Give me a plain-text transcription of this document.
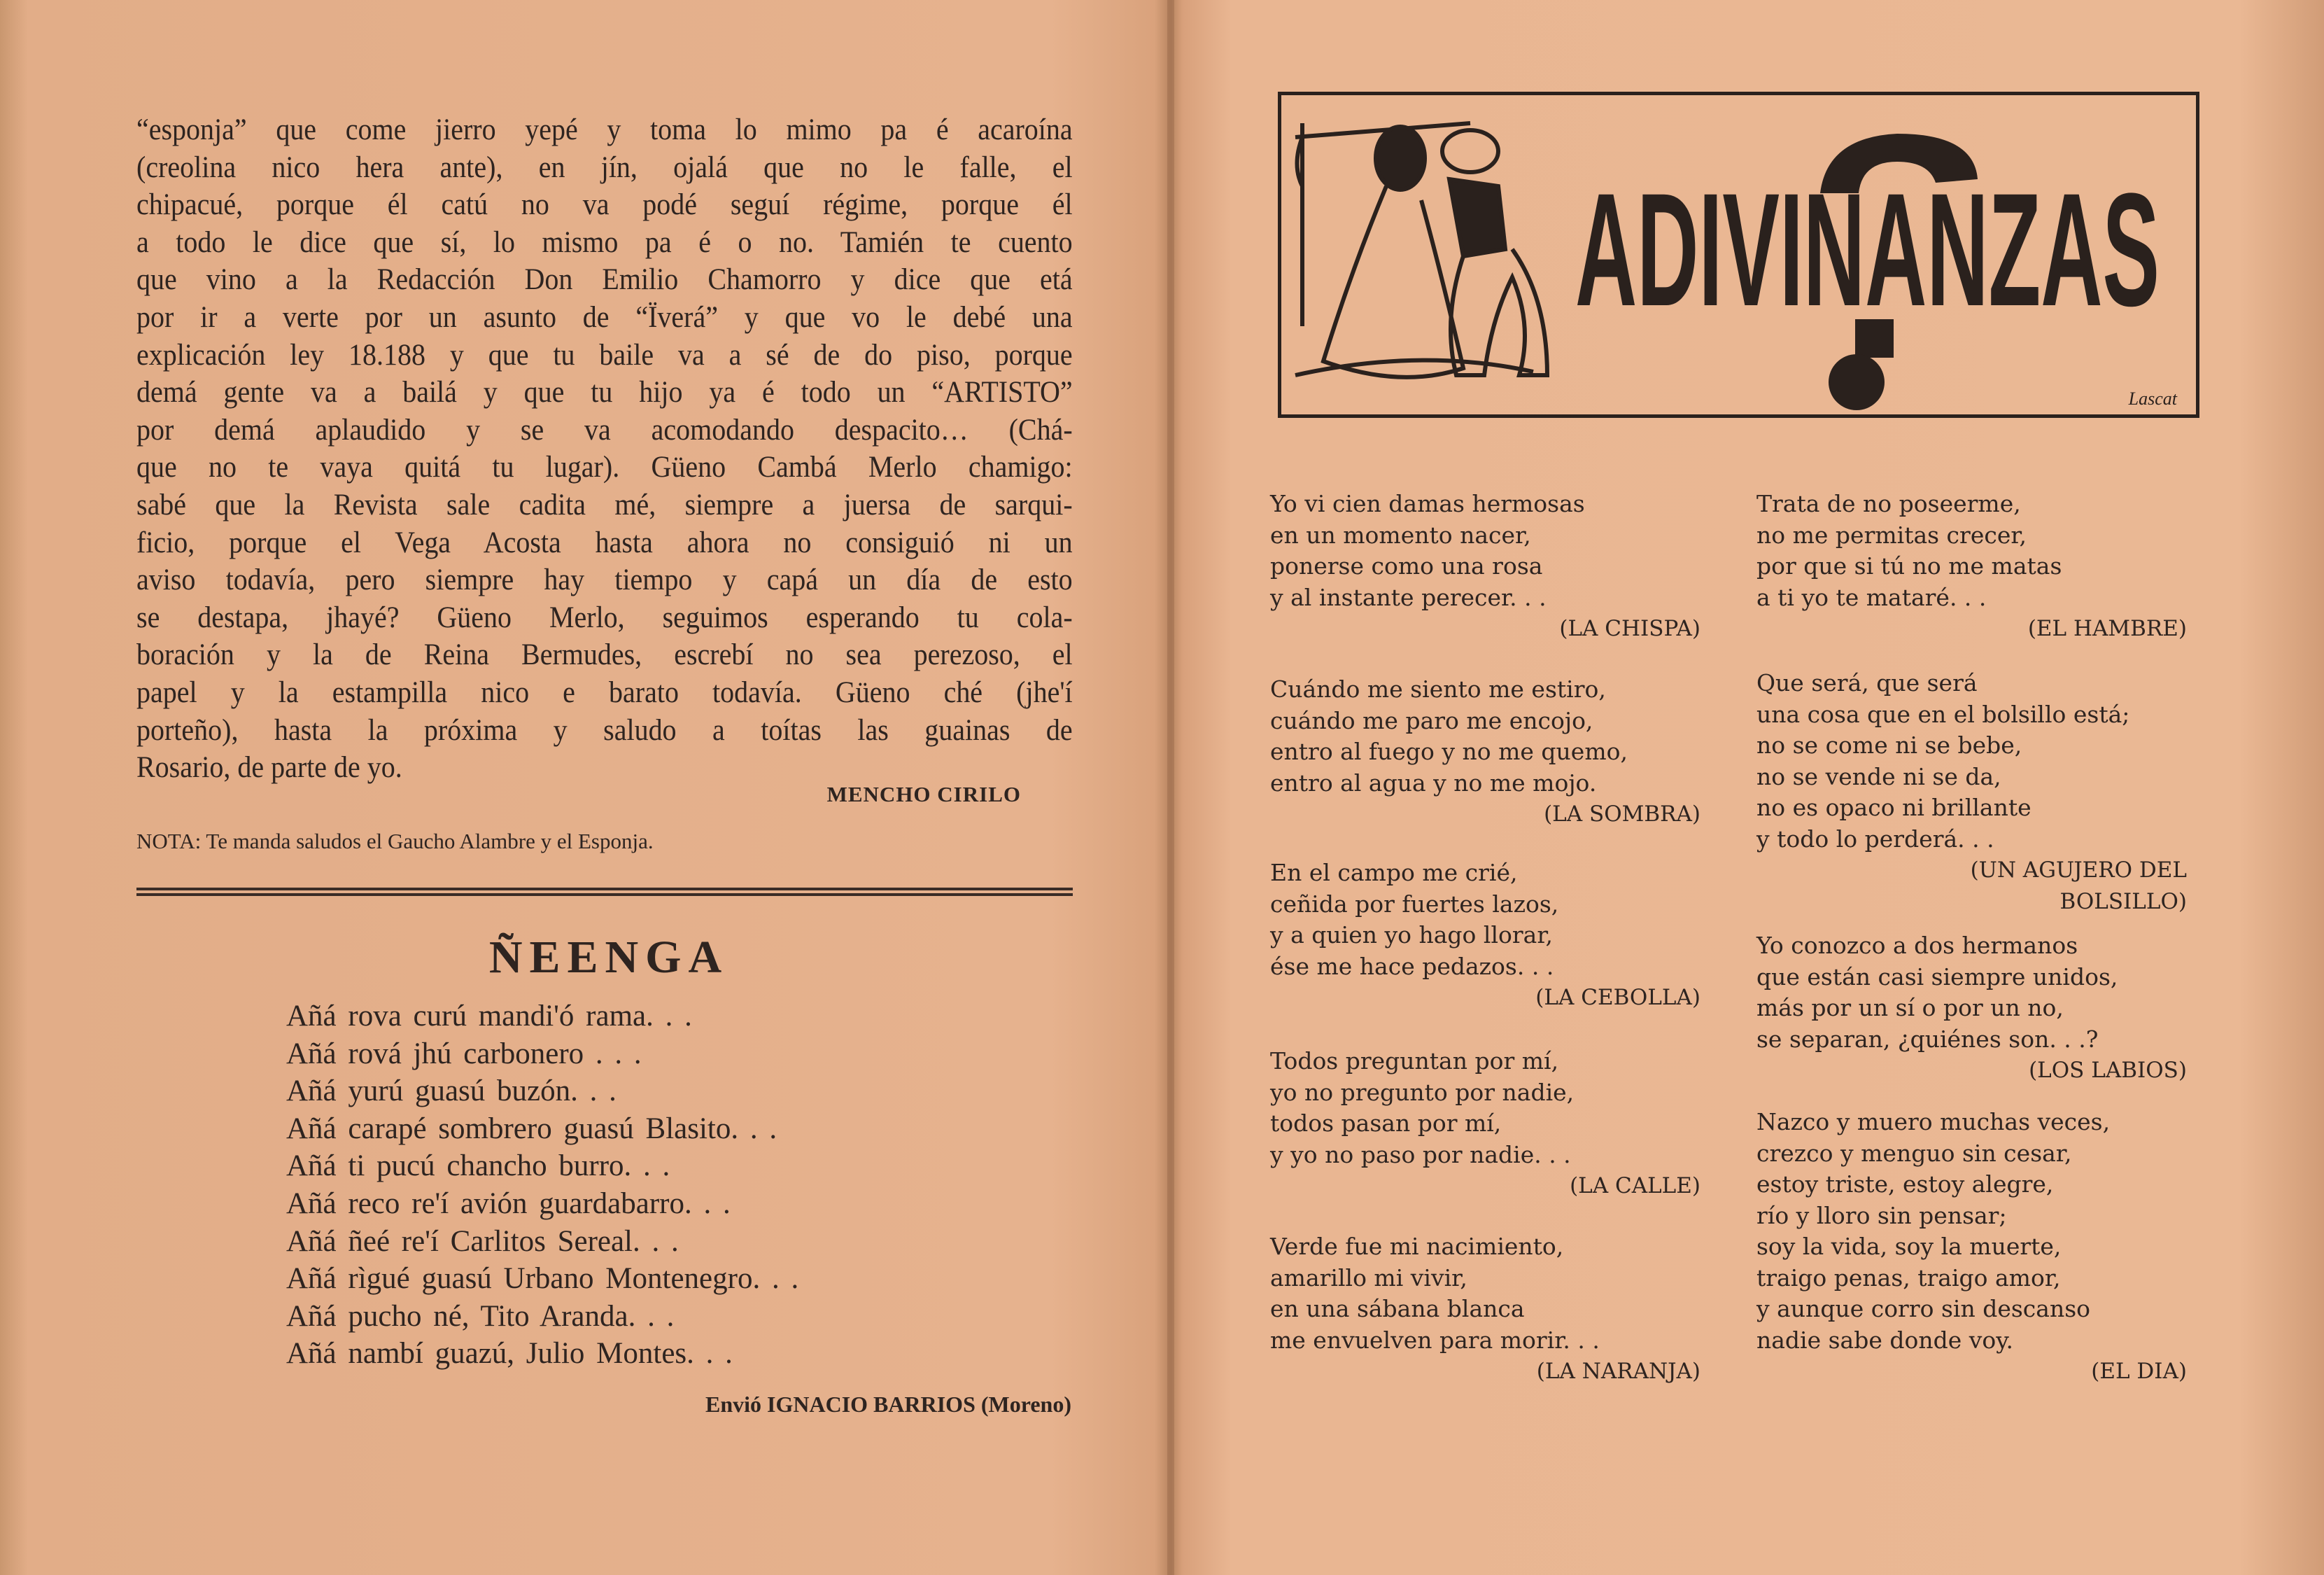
“esponja” que come jierro yepé y toma lo mimo pa é acaroína
(creolina nico hera ante), en jín, ojalá que no le falle, el
chipacué, porque él catú no va podé seguí régime, porque él
a todo le dice que sí, lo mismo pa é o no. Tamién te cuento
que vino a la Redacción Don Emilio Chamorro y dice que etá
por ir a verte por un asunto de “Ïverá” y que vo le debé una
explicación ley 18.188 y que tu baile va a sé de do piso, porque
demá gente va a bailá y que tu hijo ya é todo un “ARTISTO”
por demá aplaudido y se va acomodando despacito… (Chá-
que no te vaya quitá tu lugar). Güeno Cambá Merlo chamigo:
sabé que la Revista sale cadita mé, siempre a juersa de sarqui-
ficio, porque el Vega Acosta hasta ahora no consiguió ni un
aviso todavía, pero siempre hay tiempo y capá un día de esto
se destapa, jhayé? Güeno Merlo, seguimos esperando tu cola-
boración y la de Reina Bermudes, escrebí no sea perezoso, el
papel y la estampilla nico e barato todavía. Güeno ché (jhe'í
porteño), hasta la próxima y saludo a toítas las guainas de
Rosario, de parte de yo.
MENCHO CIRILO
NOTA: Te manda saludos el Gaucho Alambre y el Esponja.
ÑEENGA
Añá rova curú mandi'ó rama. . .
Añá rová jhú carbonero . . .
Añá yurú guasú buzón. . .
Añá carapé sombrero guasú Blasito. . .
Añá ti pucú chancho burro. . .
Añá reco re'í avión guardabarro. . .
Añá ñeé re'í Carlitos Sereal. . .
Añá rìgué guasú Urbano Montenegro. . .
Añá pucho né, Tito Aranda. . .
Añá nambí guazú, Julio Montes. . .
Envió IGNACIO BARRIOS (Moreno)
ADIVINANZAS
Lascat
Yo vi cien damas hermosas
en un momento nacer,
ponerse como una rosa
y al instante perecer. . .
(LA CHISPA)
Cuándo me siento me estiro,
cuándo me paro me encojo,
entro al fuego y no me quemo,
entro al agua y no me mojo.
(LA SOMBRA)
En el campo me crié,
ceñida por fuertes lazos,
y a quien yo hago llorar,
ése me hace pedazos. . .
(LA CEBOLLA)
Todos preguntan por mí,
yo no pregunto por nadie,
todos pasan por mí,
y yo no paso por nadie. . .
(LA CALLE)
Verde fue mi nacimiento,
amarillo mi vivir,
en una sábana blanca
me envuelven para morir. . .
(LA NARANJA)
Trata de no poseerme,
no me permitas crecer,
por que si tú no me matas
a ti yo te mataré. . .
(EL HAMBRE)
Que será, que será
una cosa que en el bolsillo está;
no se come ni se bebe,
no se vende ni se da,
no es opaco ni brillante
y todo lo perderá. . .
(UN AGUJERO DEL
BOLSILLO)
Yo conozco a dos hermanos
que están casi siempre unidos,
más por un sí o por un no,
se separan, ¿quiénes son. . .?
(LOS LABIOS)
Nazco y muero muchas veces,
crezco y menguo sin cesar,
estoy triste, estoy alegre,
río y lloro sin pensar;
soy la vida, soy la muerte,
traigo penas, traigo amor,
y aunque corro sin descanso
nadie sabe donde voy.
(EL DIA)
